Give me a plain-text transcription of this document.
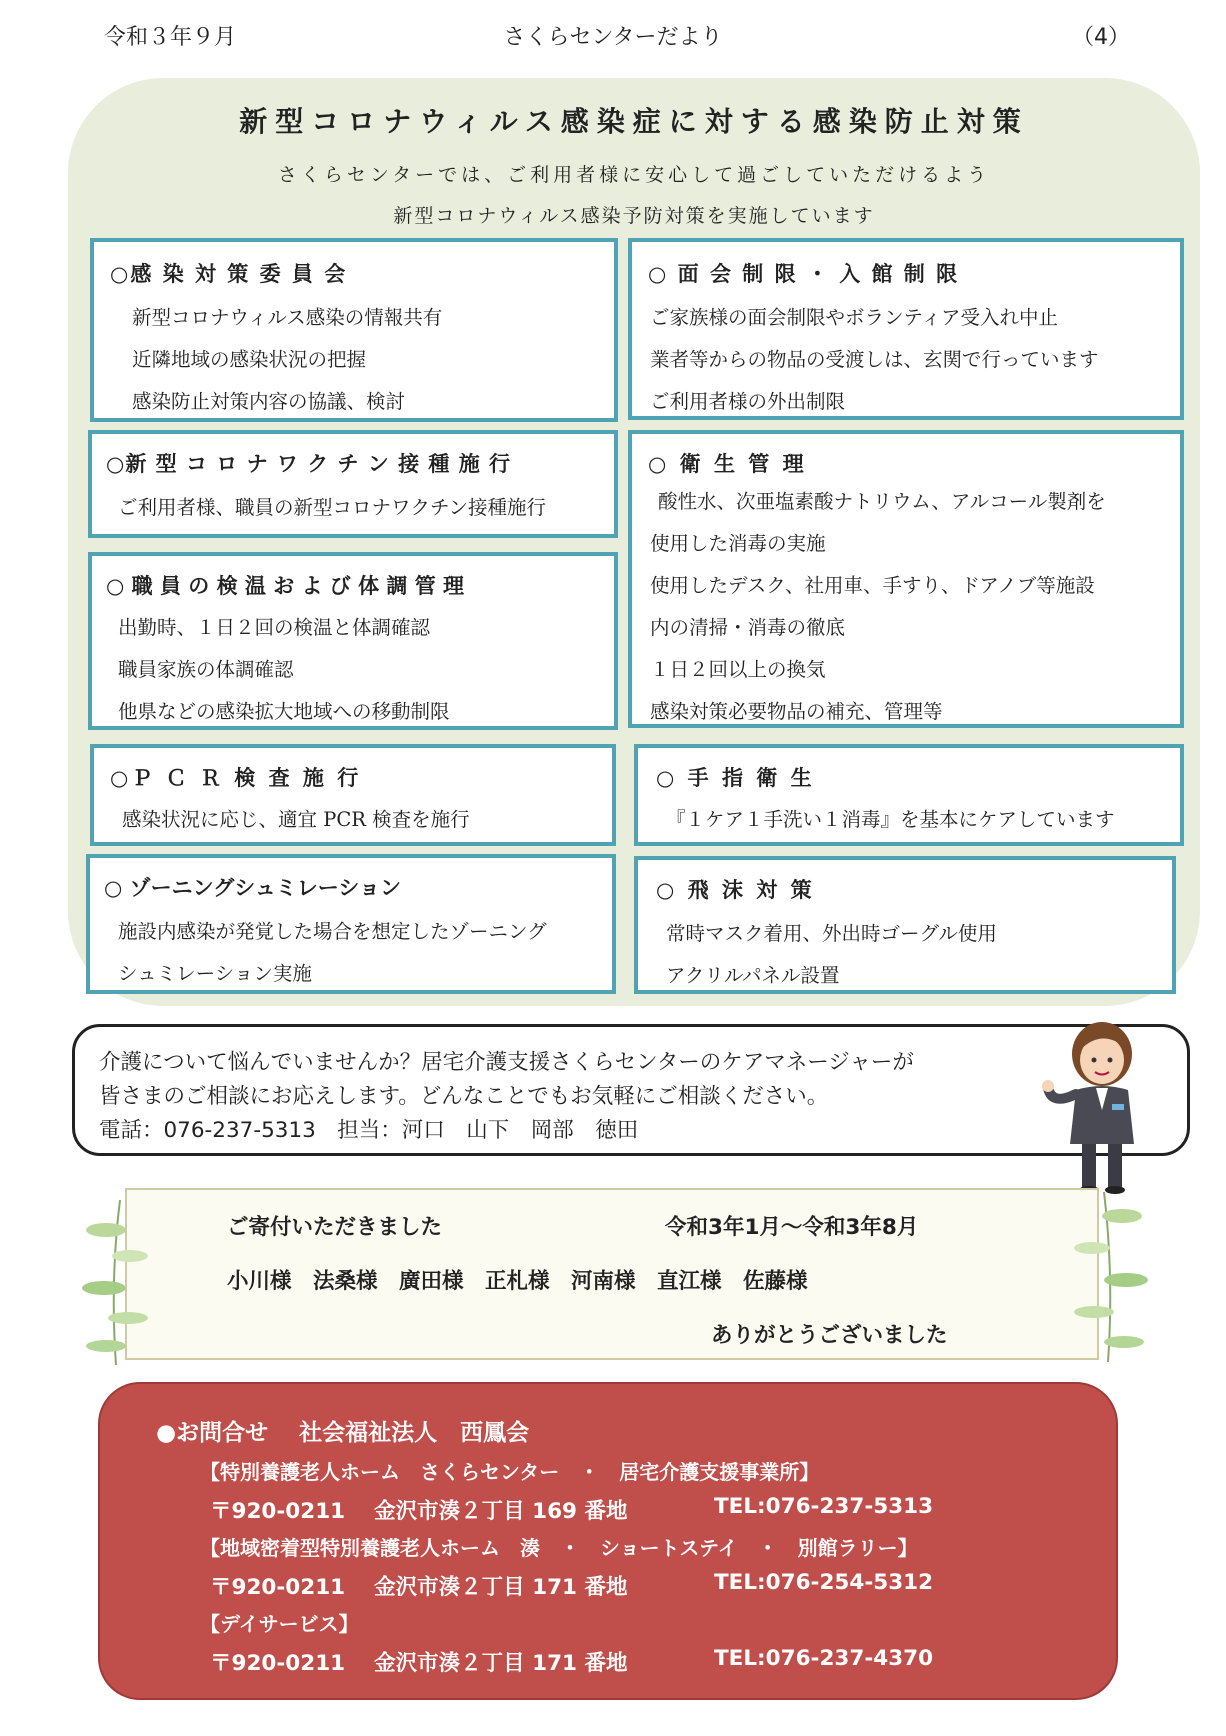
令和３年９月	さくらセンターだより	（4）
新型コロナウィルス感染症に対する感染防止対策
さくらセンターでは、ご利用者様に安心して過ごしていただけるよう
新型コロナウィルス感染予防対策を実施しています
○感 染 対 策 委 員 会
新型コロナウィルス感染の情報共有
近隣地域の感染状況の把握
感染防止対策内容の協議、検討
○ 面 会 制 限 ・ 入 館 制 限
ご家族様の面会制限やボランティア受入れ中止
業者等からの物品の受渡しは、玄関で行っています
ご利用者様の外出制限
○新 型 コ ロ ナ ワ ク チ ン 接 種 施 行
ご利用者様、職員の新型コロナワクチン接種施行
○ 衛 生 管 理
酸性水、次亜塩素酸ナトリウム、アルコール製剤を
使用した消毒の実施
使用したデスク、社用車、手すり、ドアノブ等施設
内の清掃・消毒の徹底
１日２回以上の換気
感染対策必要物品の補充、管理等
○ 職 員 の 検 温 お よ び 体 調 管 理
出勤時、１日２回の検温と体調確認
職員家族の体調確認
他県などの感染拡大地域への移動制限
○Ｐ Ｃ Ｒ 検 査 施 行
感染状況に応じ、適宜 PCR 検査を施行
○ 手 指 衛 生
『１ケア１手洗い１消毒』を基本にケアしています
○ ゾーニングシュミレーション
施設内感染が発覚した場合を想定したゾーニング
シュミレーション実施
○ 飛 沫 対 策
常時マスク着用、外出時ゴーグル使用
アクリルパネル設置
介護について悩んでいませんか？居宅介護支援さくらセンターのケアマネージャーが
皆さまのご相談にお応えします。どんなことでもお気軽にご相談ください。
電話：076-237-5313　担当：河口　山下　岡部　徳田
ご寄付いただきました	令和3年1月～令和3年8月
小川様　法桑様　廣田様　正札様　河南様　直江様　佐藤様
ありがとうございました
●お問合せ　 社会福祉法人　西鳳会
【特別養護老人ホーム　さくらセンター　・　居宅介護支援事業所】
〒920-0211　 金沢市湊２丁目 169 番地	TEL:076-237-5313
【地域密着型特別養護老人ホーム　湊　・　ショートステイ　・　別館ラリー】
〒920-0211　 金沢市湊２丁目 171 番地	TEL:076-254-5312
【デイサービス】
〒920-0211　 金沢市湊２丁目 171 番地	TEL:076-237-4370
